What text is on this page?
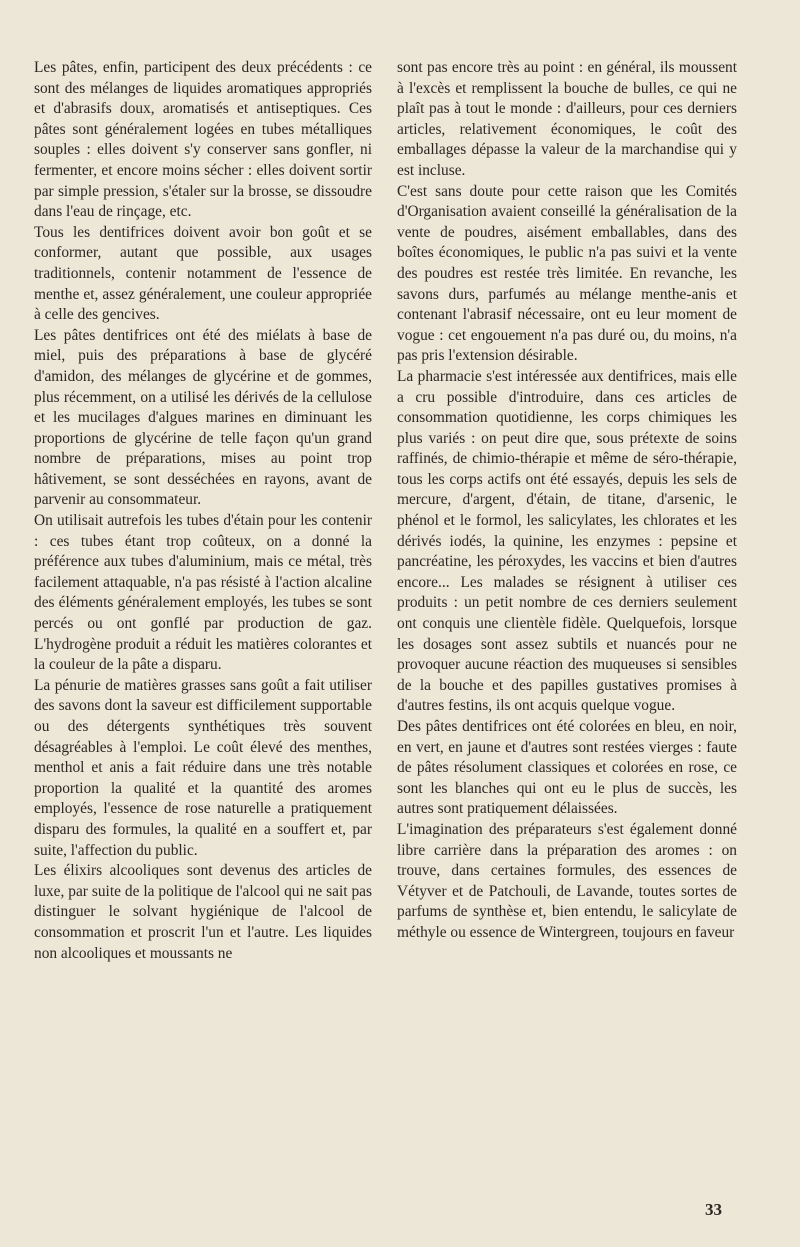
Les pâtes, enfin, participent des deux précédents : ce sont des mélanges de liquides aromatiques appropriés et d'abrasifs doux, aromatisés et antiseptiques. Ces pâtes sont généralement logées en tubes métalliques souples : elles doivent s'y conserver sans gonfler, ni fermenter, et encore moins sécher : elles doivent sortir par simple pression, s'étaler sur la brosse, se dissoudre dans l'eau de rinçage, etc.

Tous les dentifrices doivent avoir bon goût et se conformer, autant que possible, aux usages traditionnels, contenir notamment de l'essence de menthe et, assez généralement, une couleur appropriée à celle des gencives.

Les pâtes dentifrices ont été des miélats à base de miel, puis des préparations à base de glycéré d'amidon, des mélanges de glycérine et de gommes, plus récemment, on a utilisé les dérivés de la cellulose et les mucilages d'algues marines en diminuant les proportions de glycérine de telle façon qu'un grand nombre de préparations, mises au point trop hâtivement, se sont desséchées en rayons, avant de parvenir au consommateur.

On utilisait autrefois les tubes d'étain pour les contenir : ces tubes étant trop coûteux, on a donné la préférence aux tubes d'aluminium, mais ce métal, très facilement attaquable, n'a pas résisté à l'action alcaline des éléments généralement employés, les tubes se sont percés ou ont gonflé par production de gaz. L'hydrogène produit a réduit les matières colorantes et la couleur de la pâte a disparu.

La pénurie de matières grasses sans goût a fait utiliser des savons dont la saveur est difficilement supportable ou des détergents synthétiques très souvent désagréables à l'emploi. Le coût élevé des menthes, menthol et anis a fait réduire dans une très notable proportion la qualité et la quantité des aromes employés, l'essence de rose naturelle a pratiquement disparu des formules, la qualité en a souffert et, par suite, l'affection du public.

Les élixirs alcooliques sont devenus des articles de luxe, par suite de la politique de l'alcool qui ne sait pas distinguer le solvant hygiénique de l'alcool de consommation et proscrit l'un et l'autre. Les liquides non alcooliques et moussants ne

sont pas encore très au point : en général, ils moussent à l'excès et remplissent la bouche de bulles, ce qui ne plaît pas à tout le monde : d'ailleurs, pour ces derniers articles, relativement économiques, le coût des emballages dépasse la valeur de la marchandise qui y est incluse.

C'est sans doute pour cette raison que les Comités d'Organisation avaient conseillé la généralisation de la vente de poudres, aisément emballables, dans des boîtes économiques, le public n'a pas suivi et la vente des poudres est restée très limitée. En revanche, les savons durs, parfumés au mélange menthe-anis et contenant l'abrasif nécessaire, ont eu leur moment de vogue : cet engouement n'a pas duré ou, du moins, n'a pas pris l'extension désirable.

La pharmacie s'est intéressée aux dentifrices, mais elle a cru possible d'introduire, dans ces articles de consommation quotidienne, les corps chimiques les plus variés : on peut dire que, sous prétexte de soins raffinés, de chimio-thérapie et même de séro-thérapie, tous les corps actifs ont été essayés, depuis les sels de mercure, d'argent, d'étain, de titane, d'arsenic, le phénol et le formol, les salicylates, les chlorates et les dérivés iodés, la quinine, les enzymes : pepsine et pancréatine, les péroxydes, les vaccins et bien d'autres encore... Les malades se résignent à utiliser ces produits : un petit nombre de ces derniers seulement ont conquis une clientèle fidèle. Quelquefois, lorsque les dosages sont assez subtils et nuancés pour ne provoquer aucune réaction des muqueuses si sensibles de la bouche et des papilles gustatives promises à d'autres festins, ils ont acquis quelque vogue.

Des pâtes dentifrices ont été colorées en bleu, en noir, en vert, en jaune et d'autres sont restées vierges : faute de pâtes résolument classiques et colorées en rose, ce sont les blanches qui ont eu le plus de succès, les autres sont pratiquement délaissées.

L'imagination des préparateurs s'est également donné libre carrière dans la préparation des aromes : on trouve, dans certaines formules, des essences de Vétyver et de Patchouli, de Lavande, toutes sortes de parfums de synthèse et, bien entendu, le salicylate de méthyle ou essence de Wintergreen, toujours en faveur

33
